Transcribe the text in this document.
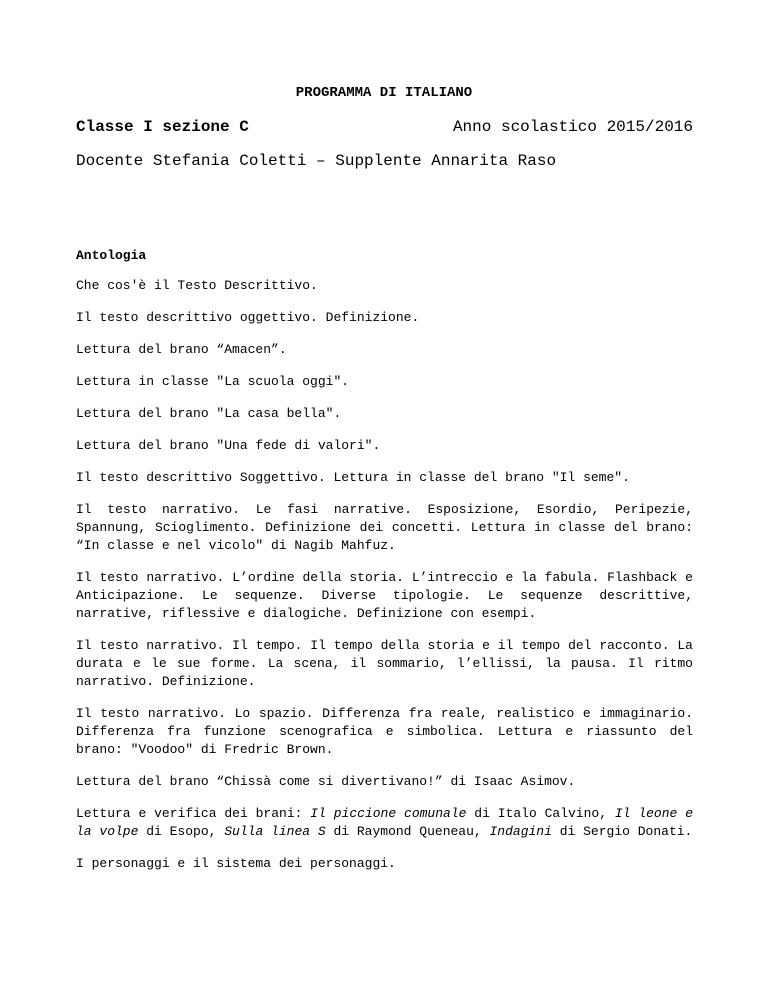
PROGRAMMA DI ITALIANO
Classe I sezione C	Anno scolastico 2015/2016
Docente Stefania Coletti – Supplente Annarita Raso
Antologia

Che cos'è il Testo Descrittivo.

Il testo descrittivo oggettivo. Definizione.

Lettura del brano “Amacen”.

Lettura in classe "La scuola oggi".

Lettura del brano "La casa bella".

Lettura del brano "Una fede di valori".

Il testo descrittivo Soggettivo. Lettura in classe del brano "Il seme".

Il testo narrativo. Le fasi narrative. Esposizione, Esordio, Peripezie, Spannung, Scioglimento. Definizione dei concetti. Lettura in classe del brano: “In classe e nel vicolo" di Nagib Mahfuz.

Il testo narrativo. L’ordine della storia. L’intreccio e la fabula. Flashback e Anticipazione. Le sequenze. Diverse tipologie. Le sequenze descrittive, narrative, riflessive e dialogiche. Definizione con esempi.

Il testo narrativo. Il tempo. Il tempo della storia e il tempo del racconto. La durata e le sue forme. La scena, il sommario, l’ellissi, la pausa. Il ritmo narrativo. Definizione.

Il testo narrativo. Lo spazio. Differenza fra reale, realistico e immaginario. Differenza fra funzione scenografica e simbolica. Lettura e riassunto del brano: "Voodoo" di Fredric Brown.

Lettura del brano “Chissà come si divertivano!” di Isaac Asimov.

Lettura e verifica dei brani: Il piccione comunale di Italo Calvino, Il leone e la volpe di Esopo, Sulla linea S di Raymond Queneau, Indagini di Sergio Donati.

I personaggi e il sistema dei personaggi.
